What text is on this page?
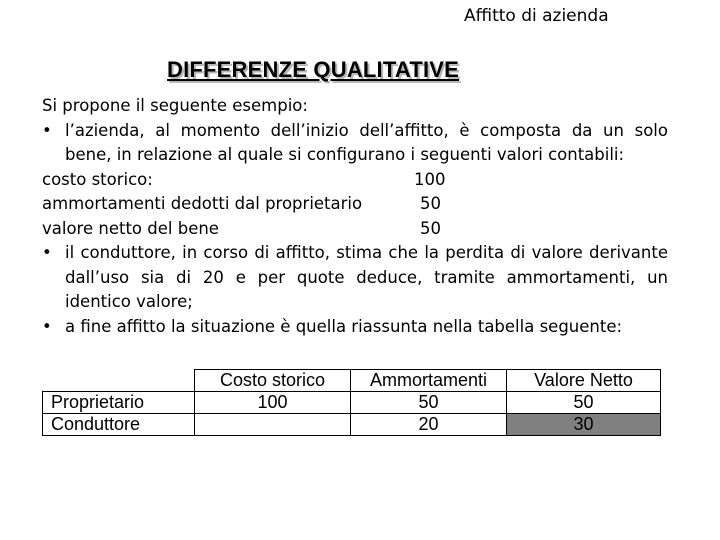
Affitto di azienda
DIFFERENZE QUALITATIVE
Si propone il seguente esempio:
• l’azienda, al momento dell’inizio dell’affitto, è composta da un solo bene, in relazione al quale si configurano i seguenti valori contabili:
costo storico:	100
ammortamenti dedotti dal proprietario	50
valore netto del bene	50
• il conduttore, in corso di affitto, stima che la perdita di valore derivante dall’uso sia di 20 e per quote deduce, tramite ammortamenti, un identico valore;
• a fine affitto la situazione è quella riassunta nella tabella seguente:
	Costo storico	Ammortamenti	Valore Netto
Proprietario	100	50	50
Conduttore		20	30
